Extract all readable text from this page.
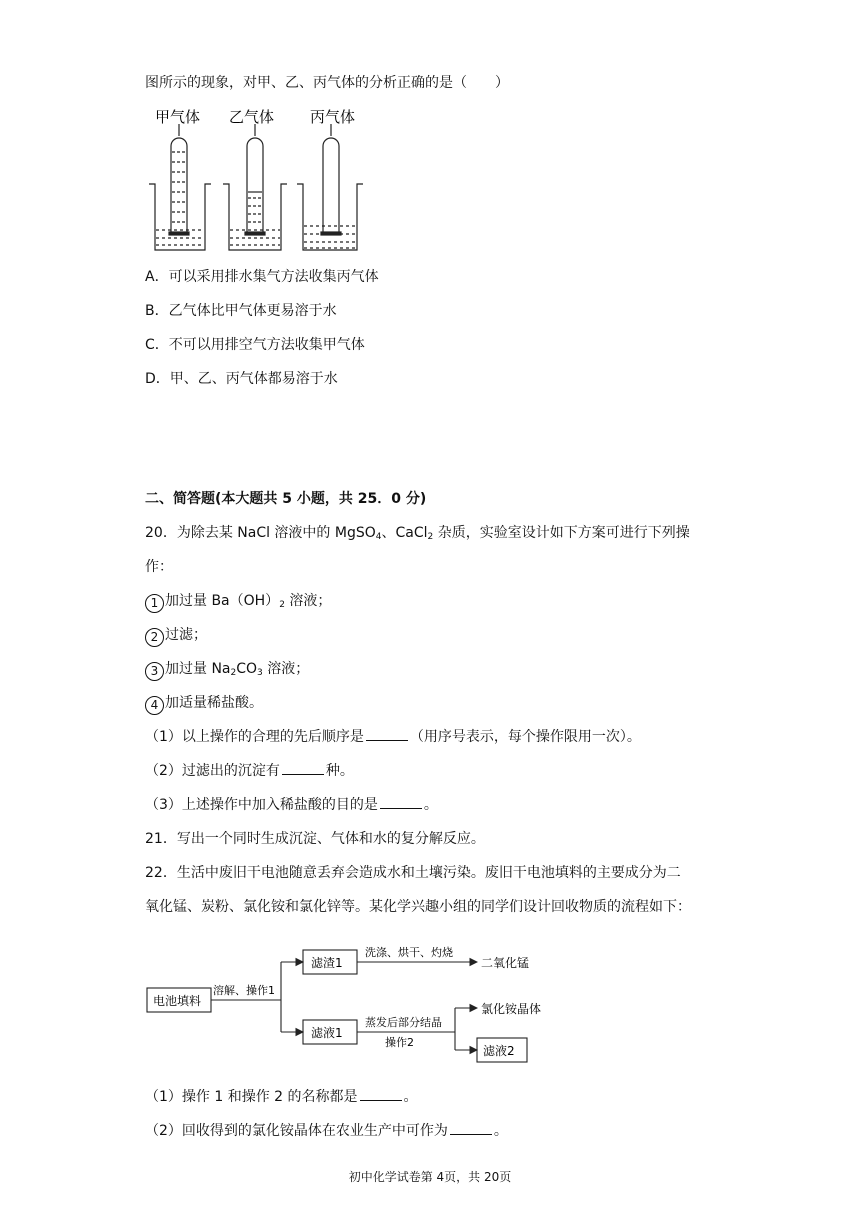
图所示的现象，对甲、乙、丙气体的分析正确的是（　　）
甲气体 乙气体 丙气体
A．可以采用排水集气方法收集丙气体
B．乙气体比甲气体更易溶于水
C．不可以用排空气方法收集甲气体
D．甲、乙、丙气体都易溶于水
二、简答题(本大题共 5 小题，共 25．0 分)
20．为除去某 NaCl 溶液中的 MgSO$_4$、CaCl$_2$ 杂质，实验室设计如下方案可进行下列操
作：
1 加过量 $Ba(OH)_2$ 溶液；
2 过滤；
3 加过量 $Na_2CO_3$ 溶液；
4 加适量稀盐酸。
（1）以上操作的合理的先后顺序是	（用序号表示，每个操作限用一次）。
（2）过滤出的沉淀有	种。
（3）上述操作中加入稀盐酸的目的是	。
21．写出一个同时生成沉淀、气体和水的复分解反应。
22．生活中废旧干电池随意丢弃会造成水和土壤污染。废旧干电池填料的主要成分为二
氧化锰、炭粉、氯化铵和氯化锌等。某化学兴趣小组的同学们设计回收物质的流程如下：
电池填料
溶解、操作1
滤渣1
洗涤、烘干、灼烧
二氧化锰
滤液1
蒸发后部分结晶
操作2
氯化铵晶体
滤液2
（1）操作 1 和操作 2 的名称都是	。
（2）回收得到的氯化铵晶体在农业生产中可作为	。
初中化学试卷第 4页，共 20页
